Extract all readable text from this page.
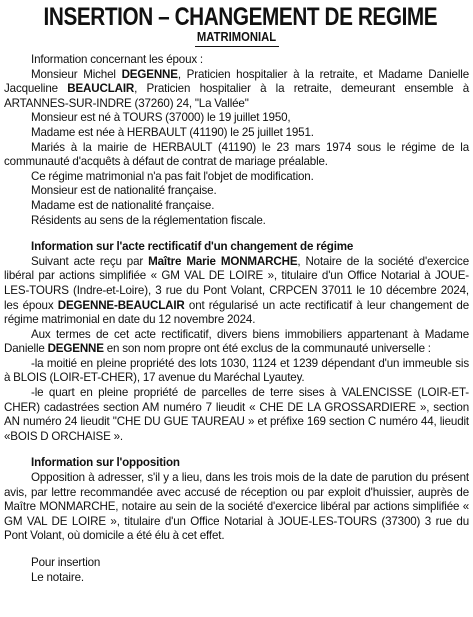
INSERTION – CHANGEMENT DE REGIME
MATRIMONIAL

Information concernant les époux :

Monsieur Michel DEGENNE, Praticien hospitalier à la retraite, et Madame Danielle Jacqueline BEAUCLAIR, Praticien hospitalier à la retraite, demeurant ensemble à ARTANNES-SUR-INDRE (37260) 24, "La Vallée"

Monsieur est né à TOURS (37000) le 19 juillet 1950,

Madame est née à HERBAULT (41190) le 25 juillet 1951.

Mariés à la mairie de HERBAULT (41190) le 23 mars 1974 sous le régime de la communauté d'acquêts à défaut de contrat de mariage préalable.

Ce régime matrimonial n'a pas fait l'objet de modification.

Monsieur est de nationalité française.

Madame est de nationalité française.

Résidents au sens de la réglementation fiscale.

Information sur l'acte rectificatif d'un changement de régime

Suivant acte reçu par Maître Marie MONMARCHE, Notaire de la société d'exercice libéral par actions simplifiée « GM VAL DE LOIRE », titulaire d'un Office Notarial à JOUE-LES-TOURS (Indre-et-Loire), 3 rue du Pont Volant, CRPCEN 37011 le 10 décembre 2024, les époux DEGENNE-BEAUCLAIR ont régularisé un acte rectificatif à leur changement de régime matrimonial en date du 12 novembre 2024.

Aux termes de cet acte rectificatif, divers biens immobiliers appartenant à Madame Danielle DEGENNE en son nom propre ont été exclus de la communauté universelle :

-la moitié en pleine propriété des lots 1030, 1124 et 1239 dépendant d'un immeuble sis à BLOIS (LOIR-ET-CHER), 17 avenue du Maréchal Lyautey.

-le quart en pleine propriété de parcelles de terre sises à VALENCISSE (LOIR-ET-CHER) cadastrées section AM numéro 7 lieudit « CHE DE LA GROSSARDIERE », section AN numéro 24 lieudit "CHE DU GUE TAUREAU » et préfixe 169 section C numéro 44, lieudit «BOIS D ORCHAISE ».

Information sur l'opposition

Opposition à adresser, s'il y a lieu, dans les trois mois de la date de parution du présent avis, par lettre recommandée avec accusé de réception ou par exploit d'huissier, auprès de Maître MONMARCHE, notaire au sein de la société d'exercice libéral par actions simplifiée « GM VAL DE LOIRE », titulaire d'un Office Notarial à JOUE-LES-TOURS (37300) 3 rue du Pont Volant, où domicile a été élu à cet effet.

Pour insertion

Le notaire.
